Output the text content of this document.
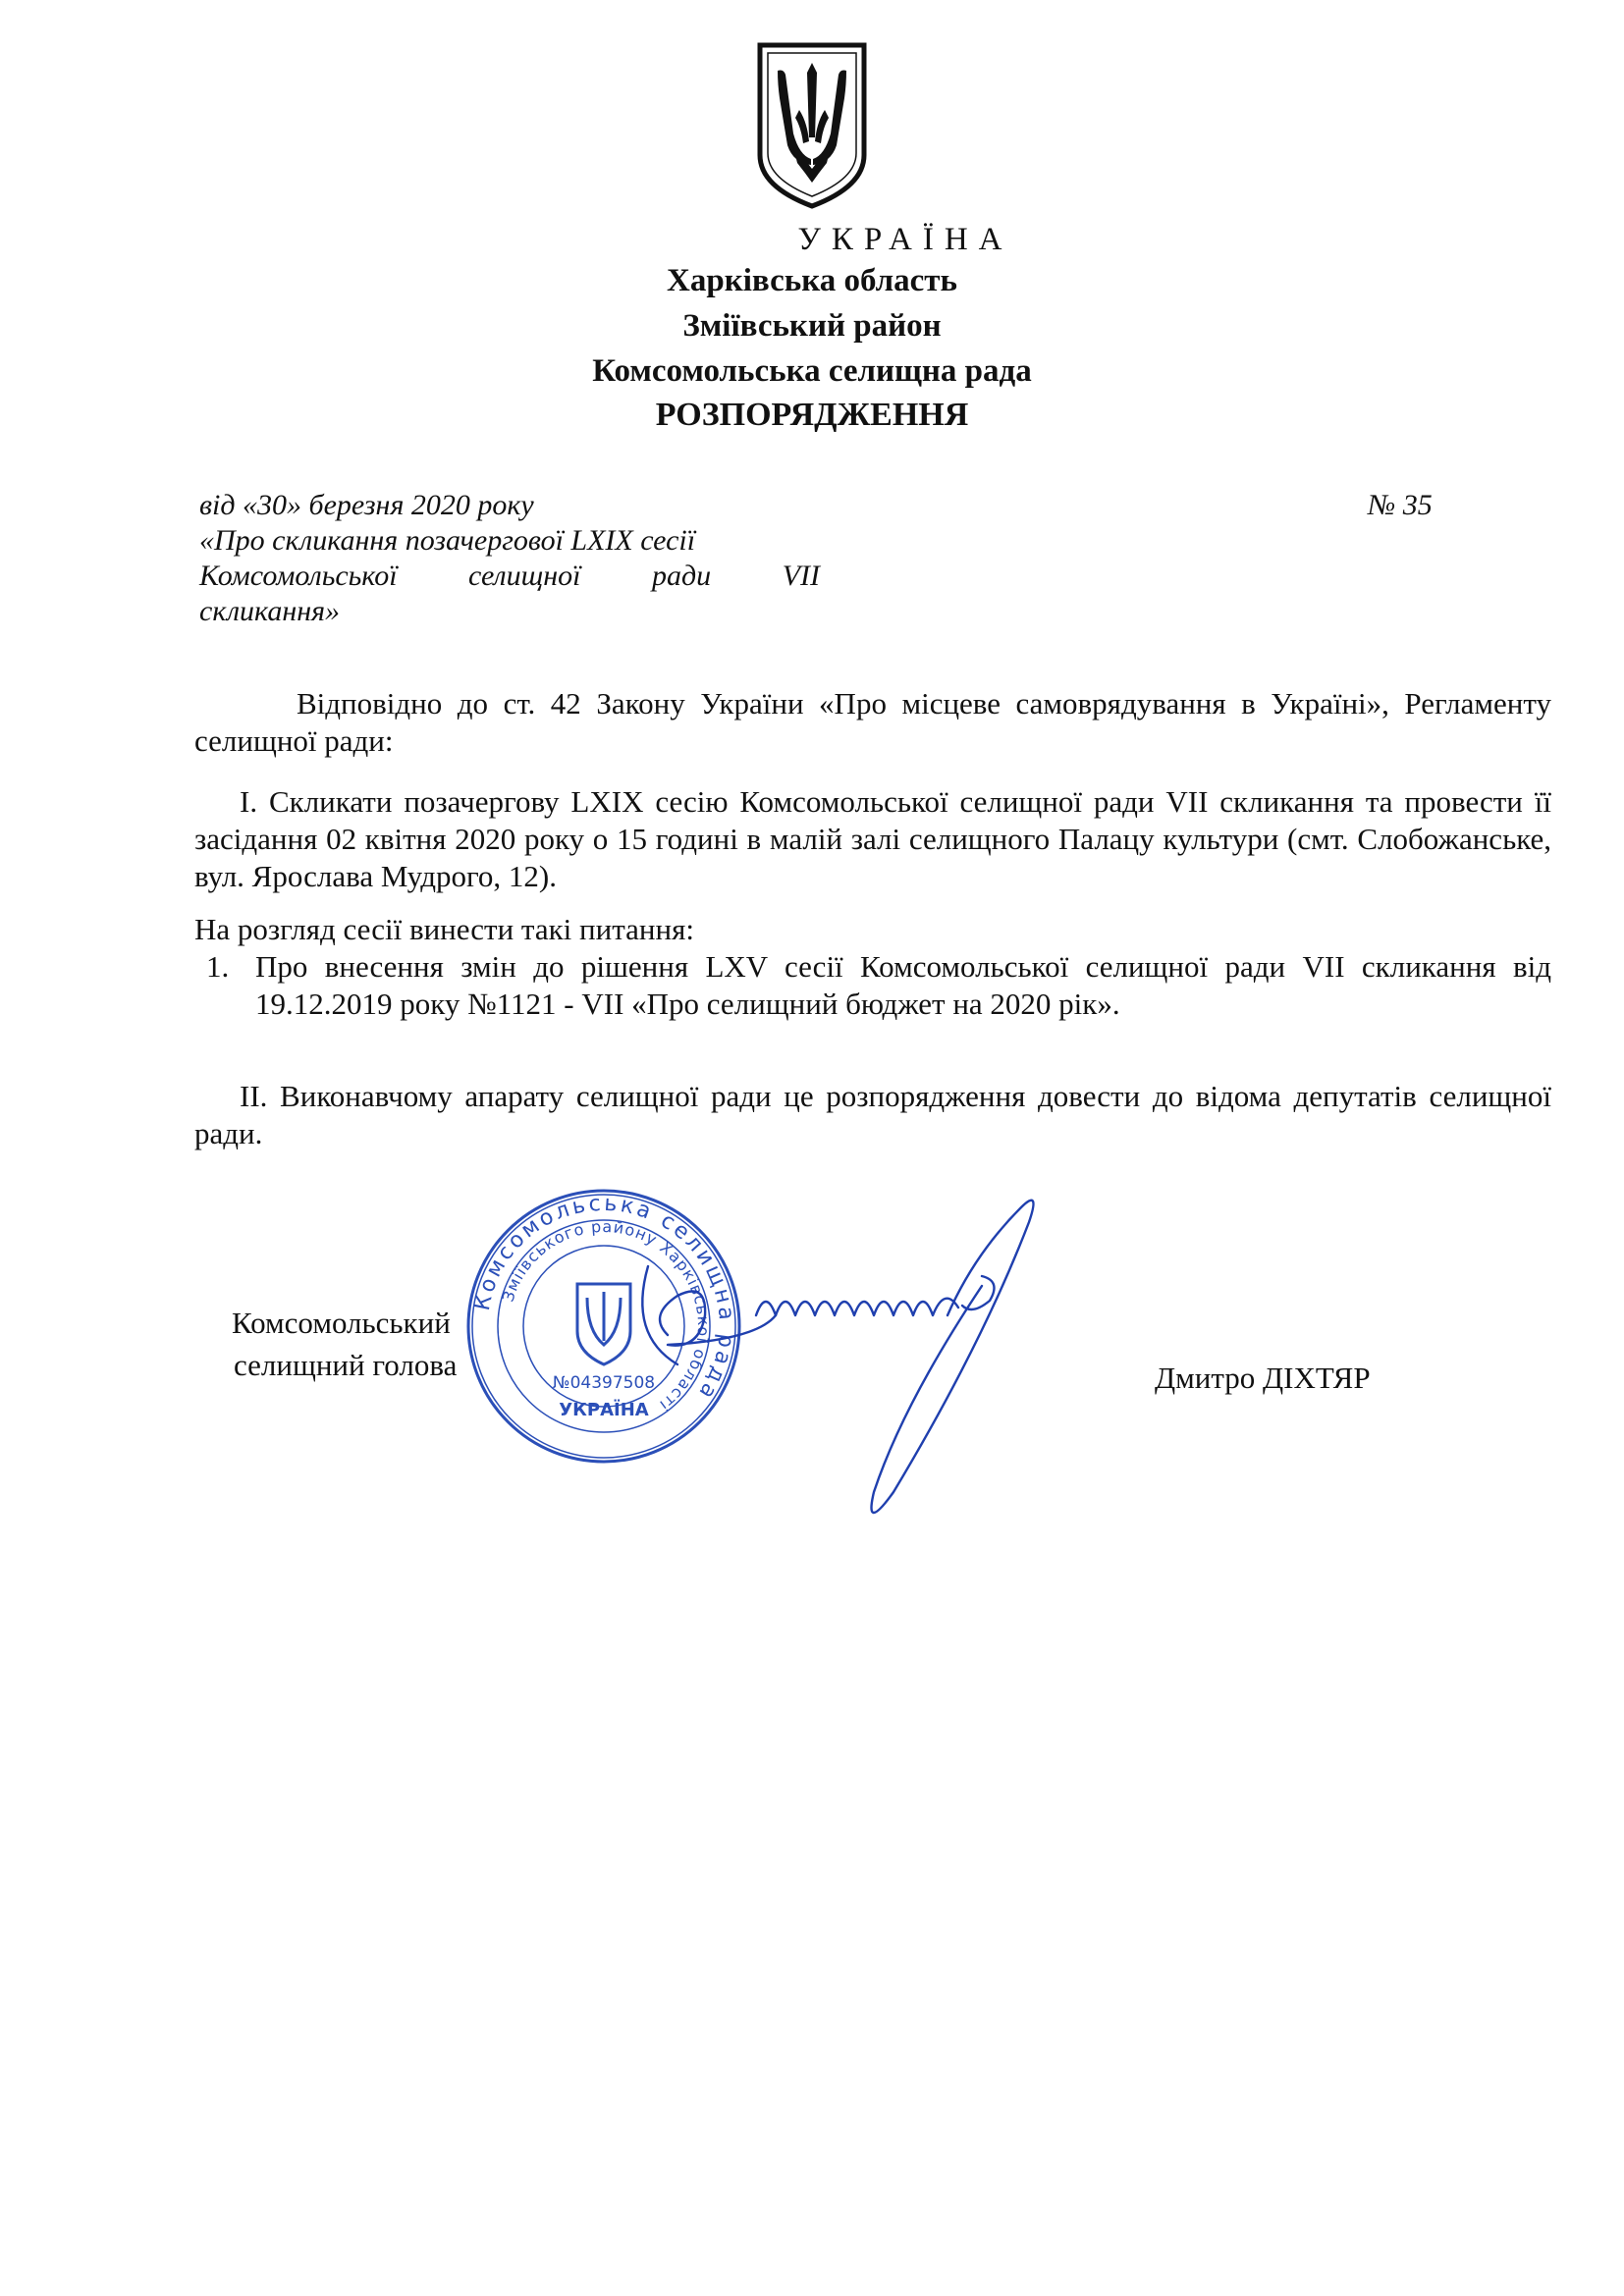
УКРАЇНА
Харківська область
Зміївський район
Комсомольська селищна рада
РОЗПОРЯДЖЕННЯ
від «30» березня 2020 року	№ 35
«Про скликання позачергової LXIX сесії
Комсомольської селищної ради VII
скликання»
Відповідно до ст. 42 Закону України «Про місцеве самоврядування в Україні», Регламенту селищної ради:
I. Скликати позачергову LXIX сесію Комсомольської селищної ради VII скликання та провести її засідання 02 квітня 2020 року о 15 годині в малій залі селищного Палацу культури (смт. Слобожанське, вул. Ярослава Мудрого, 12).
На розгляд сесії винести такі питання:
1. Про внесення змін до рішення LXV сесії Комсомольської селищної ради VII скликання від 19.12.2019 року №1121 - VII «Про селищний бюджет на 2020 рік».
II. Виконавчому апарату селищної ради це розпорядження довести до відома депутатів селищної ради.
Комсомольська селищна рада
Зміївського району Харківської області
№04397508
УКРАЇНА
Комсомольський
селищний голова	Дмитро ДІХТЯР
